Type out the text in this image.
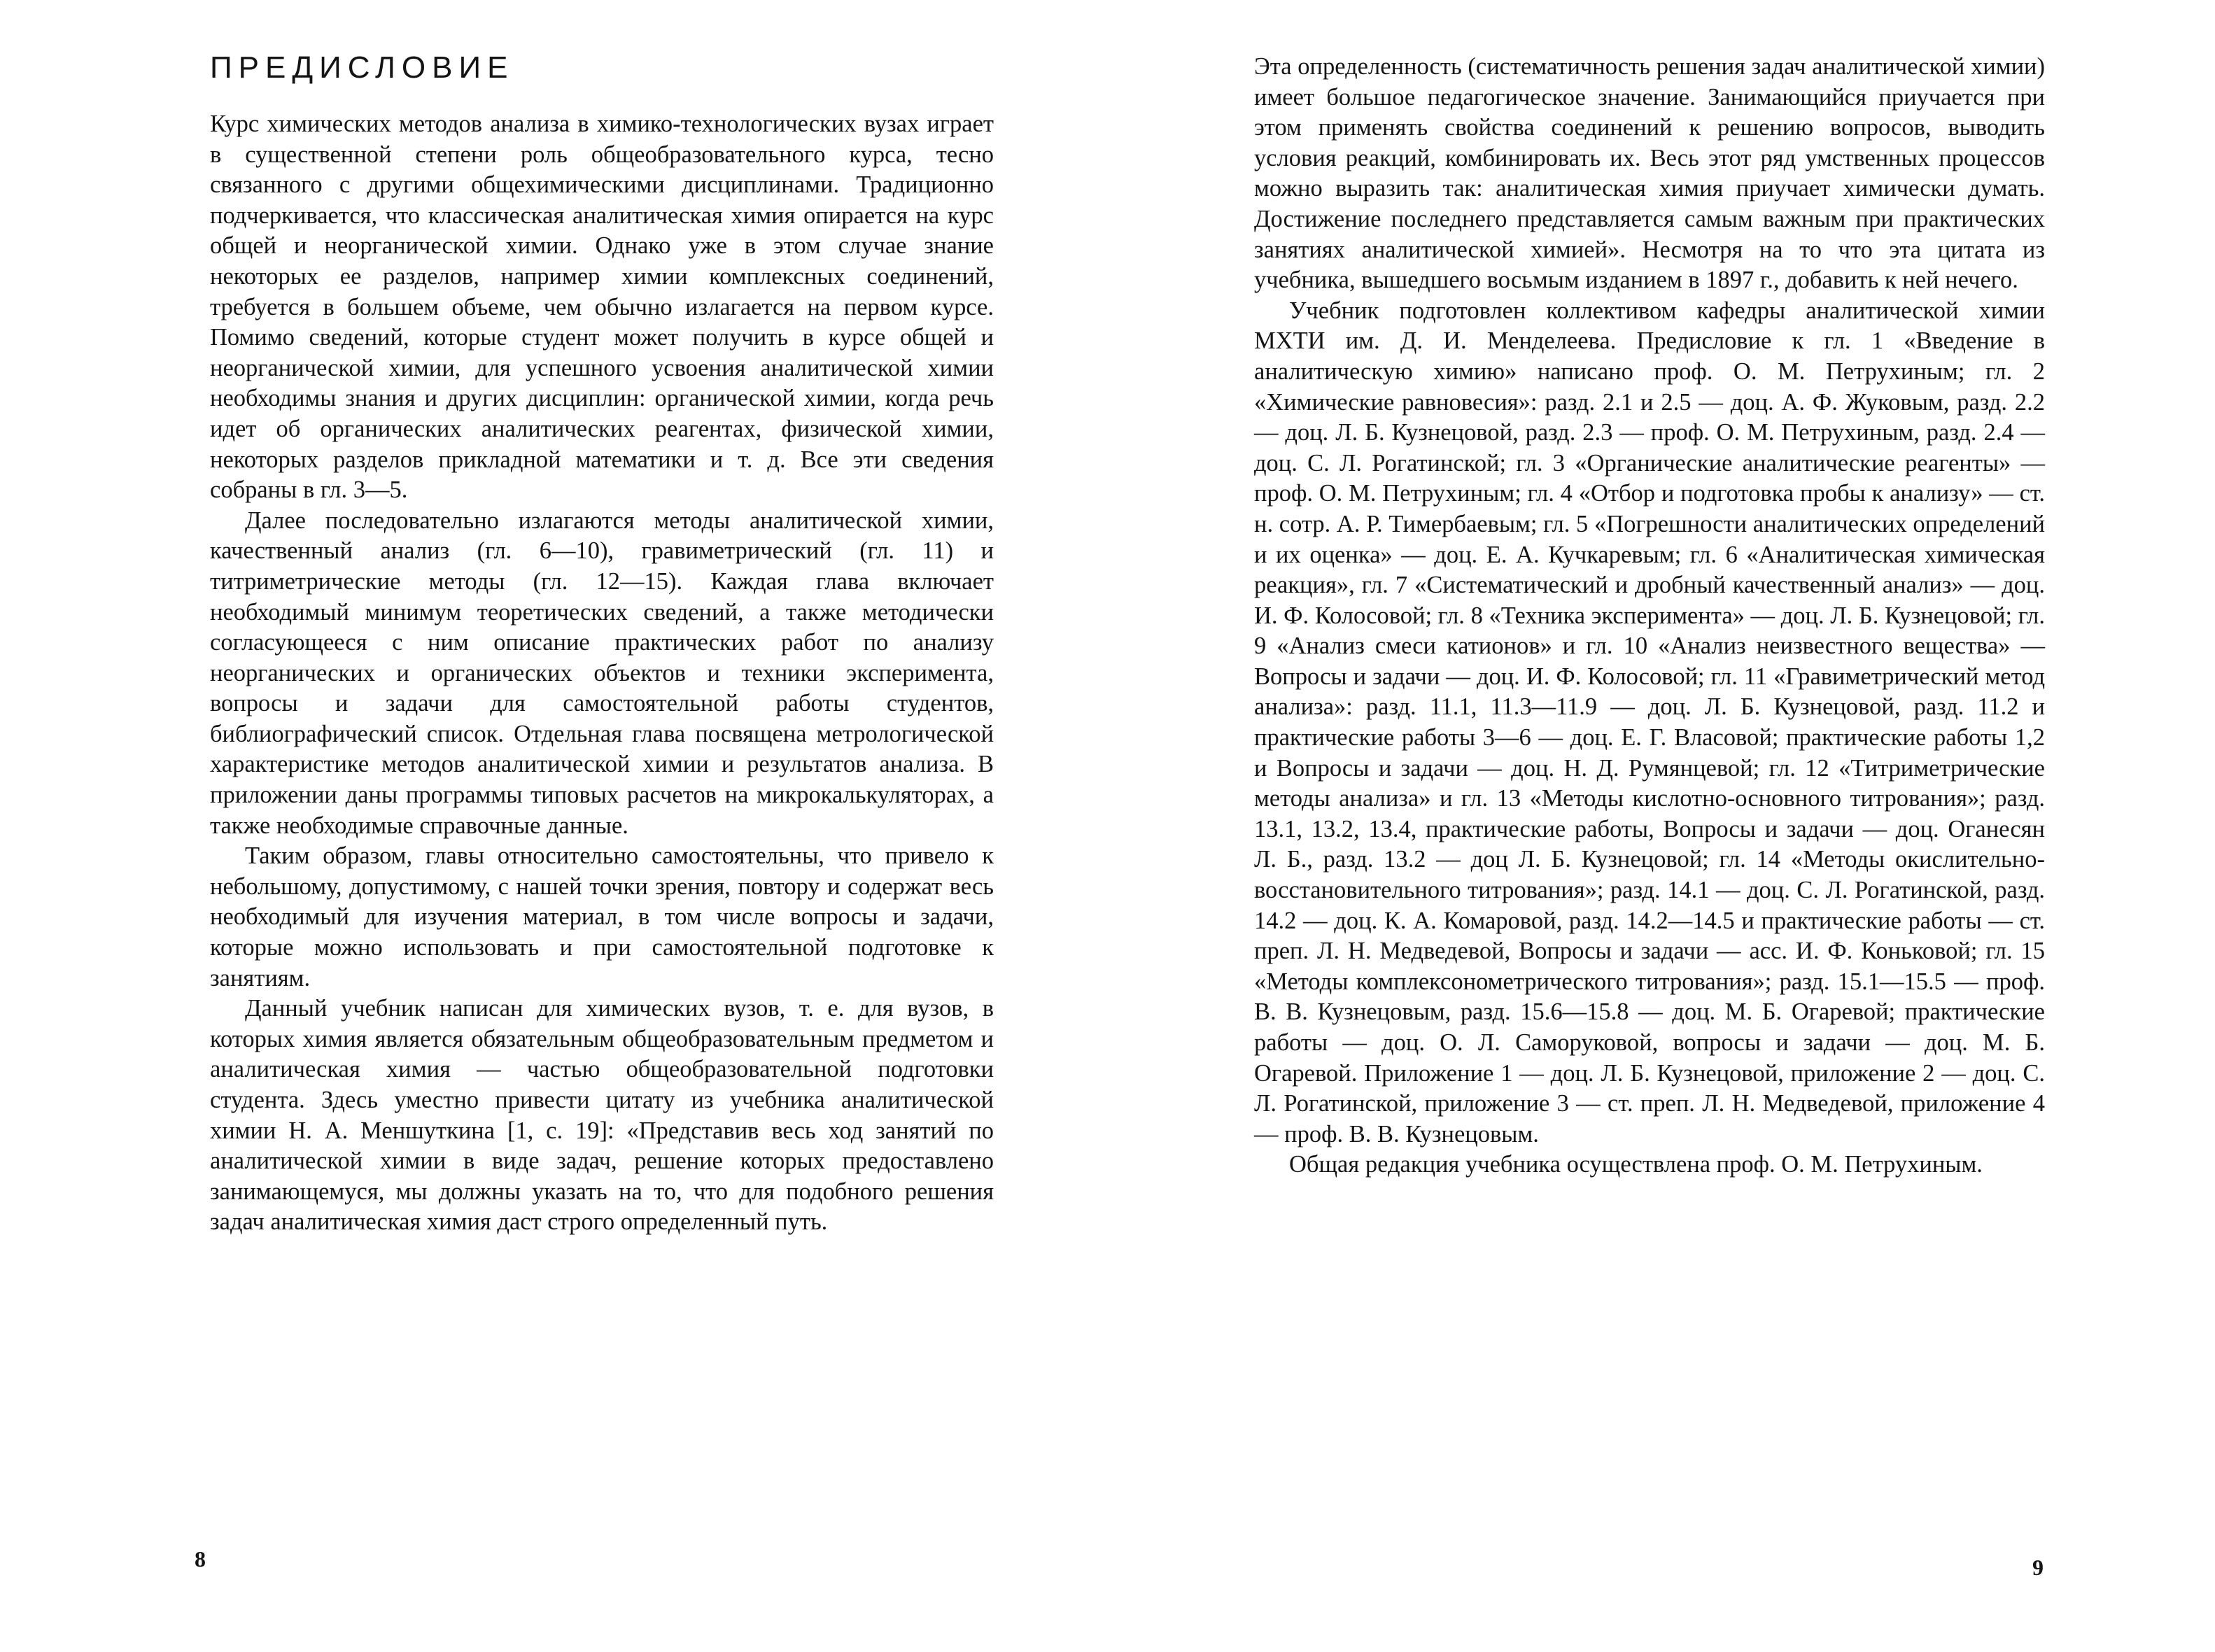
ПРЕДИСЛОВИЕ

Курс химических методов анализа в химико-технологических вузах играет в существенной степени роль общеобразовательного курса, тесно связанного с другими общехимическими дисциплинами. Традиционно подчеркивается, что классическая аналитическая химия опирается на курс общей и неорганической химии. Однако уже в этом случае знание некоторых ее разделов, например химии комплексных соединений, требуется в большем объеме, чем обычно излагается на первом курсе. Помимо сведений, которые студент может получить в курсе общей и неорганической химии, для успешного усвоения аналитической химии необходимы знания и других дисциплин: органической химии, когда речь идет об органических аналитических реагентах, физической химии, некоторых разделов прикладной математики и т. д. Все эти сведения собраны в гл. 3—5.

Далее последовательно излагаются методы аналитической химии, качественный анализ (гл. 6—10), гравиметрический (гл. 11) и титриметрические методы (гл. 12—15). Каждая глава включает необходимый минимум теоретических сведений, а также методически согласующееся с ним описание практических работ по анализу неорганических и органических объектов и техники эксперимента, вопросы и задачи для самостоятельной работы студентов, библиографический список. Отдельная глава посвящена метрологической характеристике методов аналитической химии и результатов анализа. В приложении даны программы типовых расчетов на микрокалькуляторах, а также необходимые справочные данные.

Таким образом, главы относительно самостоятельны, что привело к небольшому, допустимому, с нашей точки зрения, повтору и содержат весь необходимый для изучения материал, в том числе вопросы и задачи, которые можно использовать и при самостоятельной подготовке к занятиям.

Данный учебник написан для химических вузов, т. е. для вузов, в которых химия является обязательным общеобразовательным предметом и аналитическая химия — частью общеобразовательной подготовки студента. Здесь уместно привести цитату из учебника аналитической химии Н. А. Меншуткина [1, с. 19]: «Представив весь ход занятий по аналитической химии в виде задач, решение которых предоставлено занимающемуся, мы должны указать на то, что для подобного решения задач аналитическая химия даст строго определенный путь.

8

Эта определенность (систематичность решения задач аналитической химии) имеет большое педагогическое значение. Занимающийся приучается при этом применять свойства соединений к решению вопросов, выводить условия реакций, комбинировать их. Весь этот ряд умственных процессов можно выразить так: аналитическая химия приучает химически думать. Достижение последнего представляется самым важным при практических занятиях аналитической химией». Несмотря на то что эта цитата из учебника, вышедшего восьмым изданием в 1897 г., добавить к ней нечего.

Учебник подготовлен коллективом кафедры аналитической химии МХТИ им. Д. И. Менделеева. Предисловие к гл. 1 «Введение в аналитическую химию» написано проф. О. М. Петрухиным; гл. 2 «Химические равновесия»: разд. 2.1 и 2.5 — доц. А. Ф. Жуковым, разд. 2.2 — доц. Л. Б. Кузнецовой, разд. 2.3 — проф. О. М. Петрухиным, разд. 2.4 — доц. С. Л. Рогатинской; гл. 3 «Органические аналитические реагенты» — проф. О. М. Петрухиным; гл. 4 «Отбор и подготовка пробы к анализу» — ст. н. сотр. А. Р. Тимербаевым; гл. 5 «Погрешности аналитических определений и их оценка» — доц. Е. А. Кучкаревым; гл. 6 «Аналитическая химическая реакция», гл. 7 «Систематический и дробный качественный анализ» — доц. И. Ф. Колосовой; гл. 8 «Техника эксперимента» — доц. Л. Б. Кузнецовой; гл. 9 «Анализ смеси катионов» и гл. 10 «Анализ неизвестного вещества» — Вопросы и задачи — доц. И. Ф. Колосовой; гл. 11 «Гравиметрический метод анализа»: разд. 11.1, 11.3—11.9 — доц. Л. Б. Кузнецовой, разд. 11.2 и практические работы 3—6 — доц. Е. Г. Власовой; практические работы 1,2 и Вопросы и задачи — доц. Н. Д. Румянцевой; гл. 12 «Титриметрические методы анализа» и гл. 13 «Методы кислотно-основного титрования»; разд. 13.1, 13.2, 13.4, практические работы, Вопросы и задачи — доц. Оганесян Л. Б., разд. 13.2 — доц Л. Б. Кузнецовой; гл. 14 «Методы окислительно-восстановительного титрования»; разд. 14.1 — доц. С. Л. Рогатинской, разд. 14.2 — доц. К. А. Комаровой, разд. 14.2—14.5 и практические работы — ст. преп. Л. Н. Медведевой, Вопросы и задачи — асс. И. Ф. Коньковой; гл. 15 «Методы комплексонометрического титрования»; разд. 15.1—15.5 — проф. В. В. Кузнецовым, разд. 15.6—15.8 — доц. М. Б. Огаревой; практические работы — доц. О. Л. Саморуковой, вопросы и задачи — доц. М. Б. Огаревой. Приложение 1 — доц. Л. Б. Кузнецовой, приложение 2 — доц. С. Л. Рогатинской, приложение 3 — ст. преп. Л. Н. Медведевой, приложение 4 — проф. В. В. Кузнецовым.

Общая редакция учебника осуществлена проф. О. М. Петрухиным.

9
